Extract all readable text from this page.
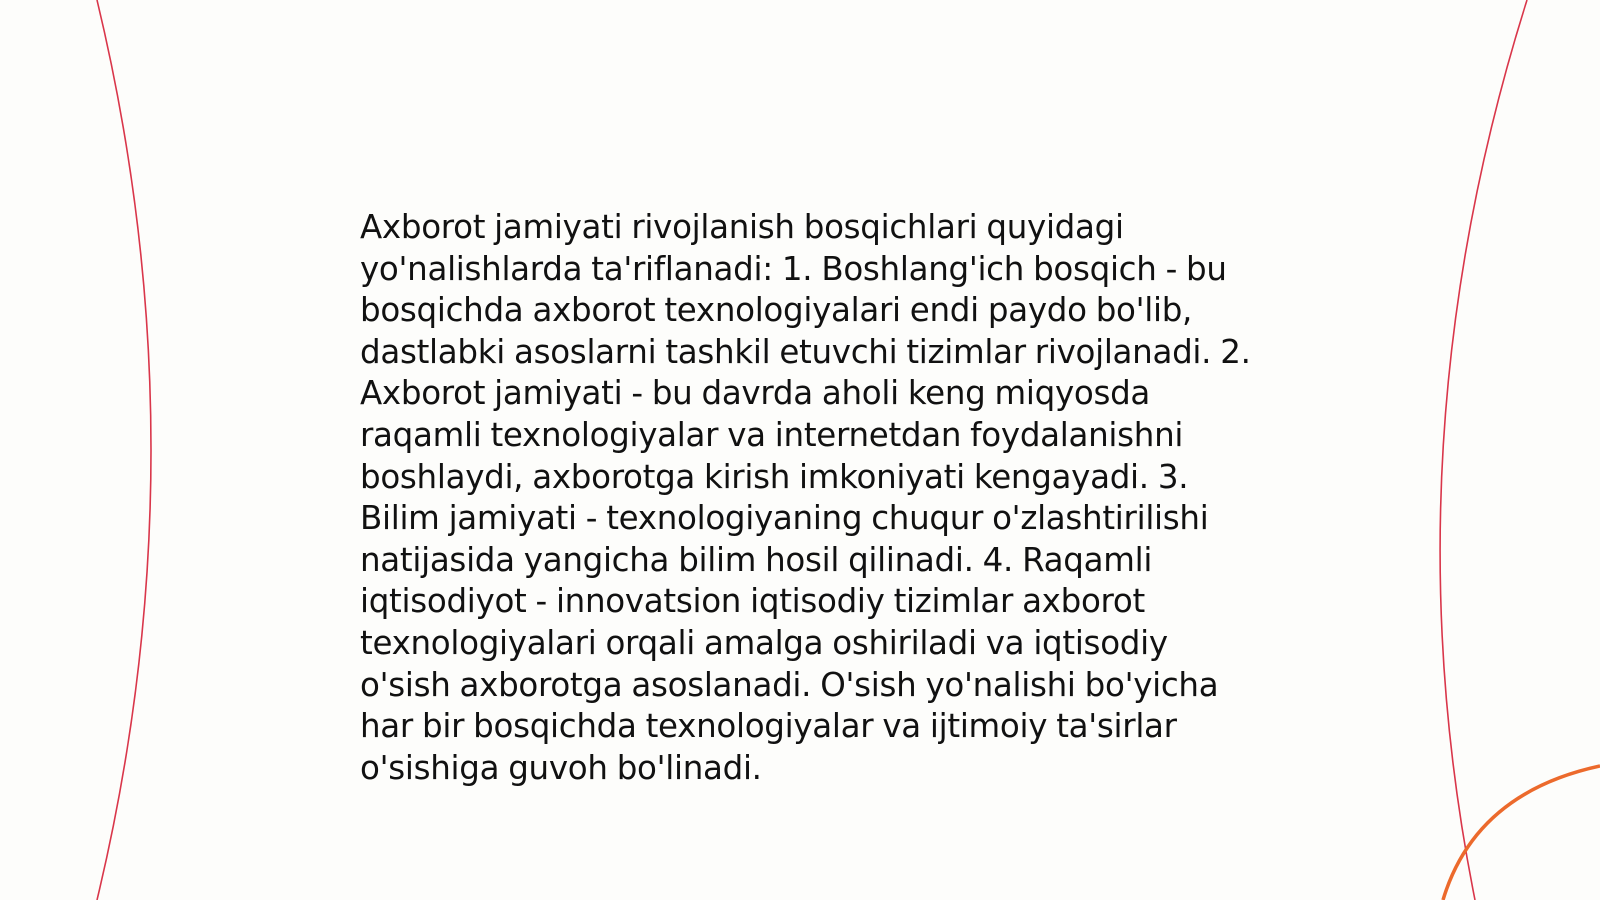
Axborot jamiyati rivojlanish bosqichlari quyidagi yo'nalishlarda ta'riflanadi: 1. Boshlang'ich bosqich - bu bosqichda axborot texnologiyalari endi paydo bo'lib, dastlabki asoslarni tashkil etuvchi tizimlar rivojlanadi. 2. Axborot jamiyati - bu davrda aholi keng miqyosda raqamli texnologiyalar va internetdan foydalanishni boshlaydi, axborotga kirish imkoniyati kengayadi. 3. Bilim jamiyati - texnologiyaning chuqur o'zlashtirilishi natijasida yangicha bilim hosil qilinadi. 4. Raqamli iqtisodiyot - innovatsion iqtisodiy tizimlar axborot texnologiyalari orqali amalga oshiriladi va iqtisodiy o'sish axborotga asoslanadi. O'sish yo'nalishi bo'yicha har bir bosqichda texnologiyalar va ijtimoiy ta'sirlar o'sishiga guvoh bo'linadi.
